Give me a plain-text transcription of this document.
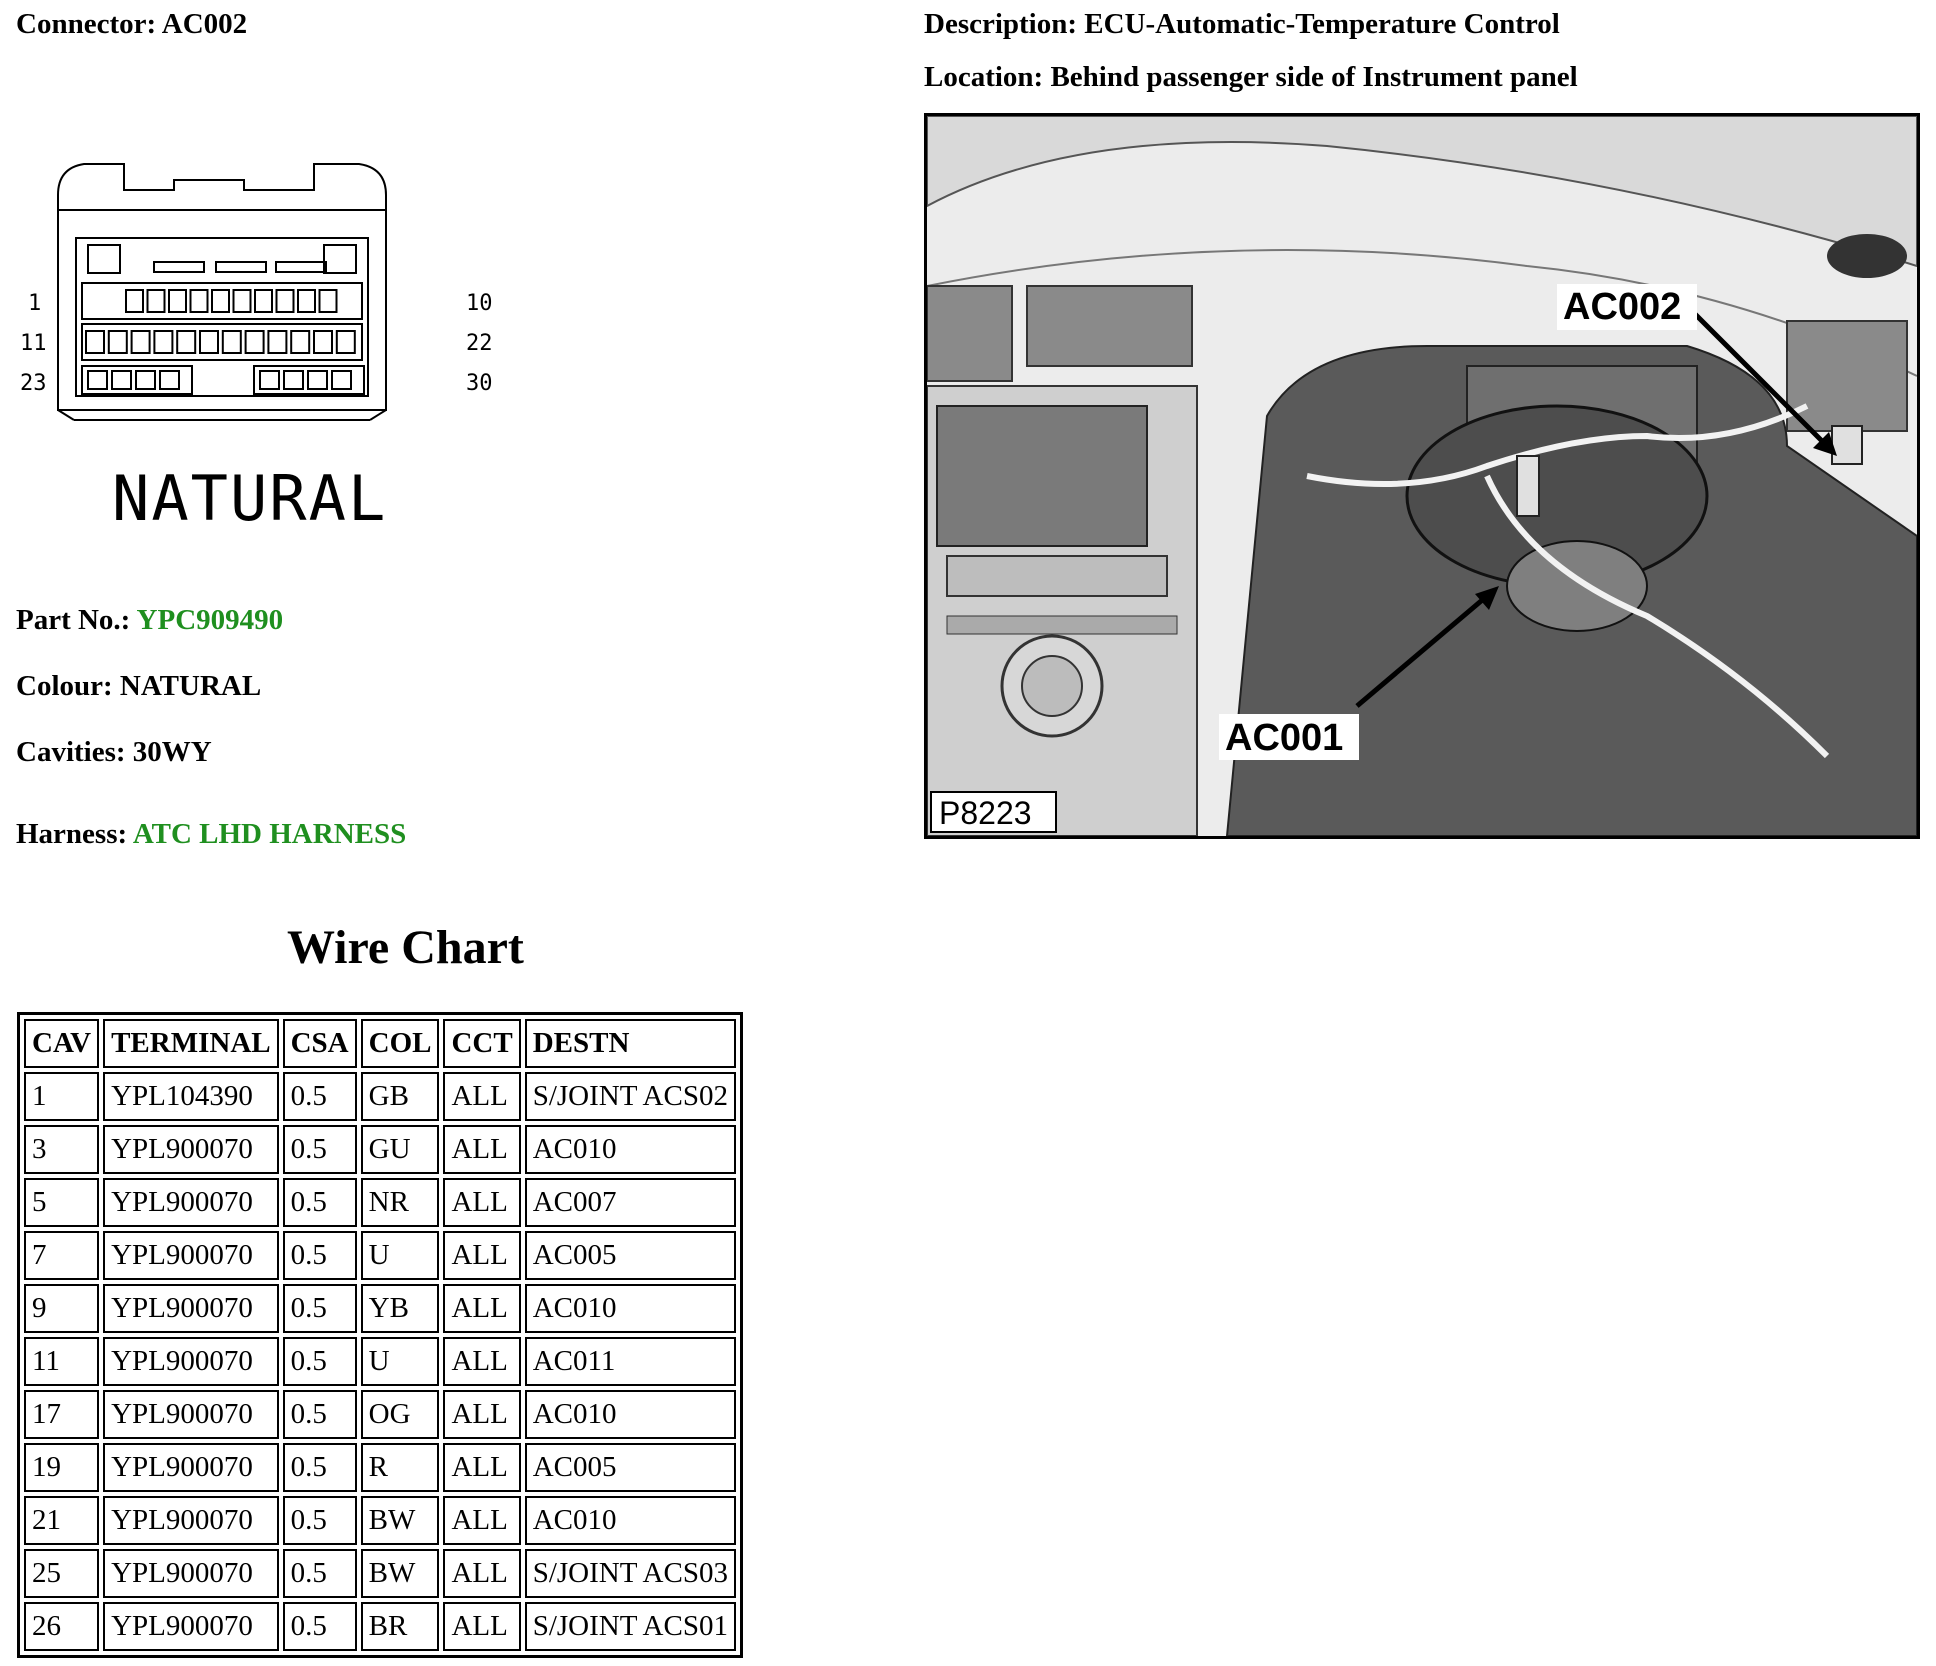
Connector: AC002	Description: ECU-Automatic-Temperature Control
Location: Behind passenger side of Instrument panel
1	10
11	22
23	30
NATURAL
Part No.: YPC909490
Colour: NATURAL
Cavities: 30WY
Harness: ATC LHD HARNESS
AC002
AC001
P8223
Wire Chart
CAV	TERMINAL	CSA	COL	CCT	DESTN
1	YPL104390	0.5	GB	ALL	S/JOINT ACS02
3	YPL900070	0.5	GU	ALL	AC010
5	YPL900070	0.5	NR	ALL	AC007
7	YPL900070	0.5	U	ALL	AC005
9	YPL900070	0.5	YB	ALL	AC010
11	YPL900070	0.5	U	ALL	AC011
17	YPL900070	0.5	OG	ALL	AC010
19	YPL900070	0.5	R	ALL	AC005
21	YPL900070	0.5	BW	ALL	AC010
25	YPL900070	0.5	BW	ALL	S/JOINT ACS03
26	YPL900070	0.5	BR	ALL	S/JOINT ACS01
